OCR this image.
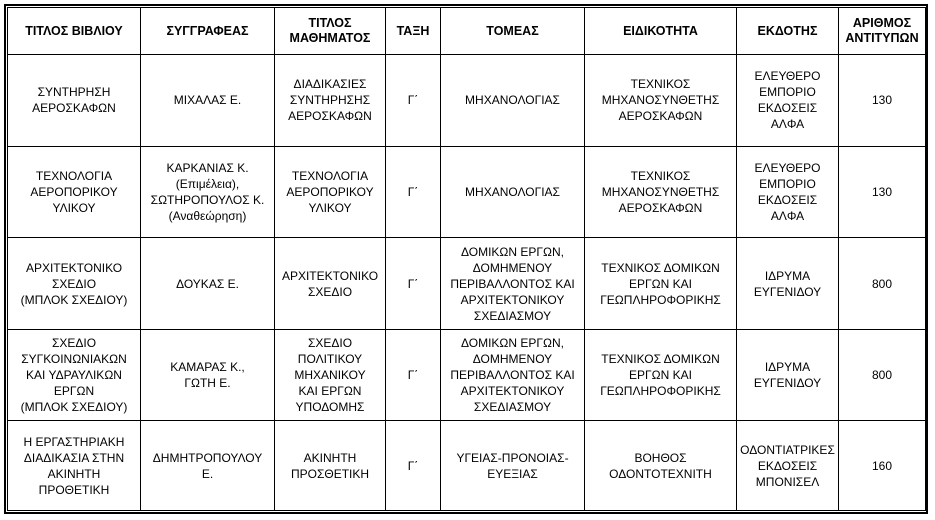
ΤΙΤΛΟΣ ΒΙΒΛΙΟΥ	ΣΥΓΓΡΑΦΕΑΣ	ΤΙΤΛΟΣ
ΜΑΘΗΜΑΤΟΣ	ΤΑΞΗ	ΤΟΜΕΑΣ	ΕΙΔΙΚΟΤΗΤΑ	ΕΚΔΟΤΗΣ	ΑΡΙΘΜΟΣ
ΑΝΤΙΤΥΠΩΝ
ΣΥΝΤΗΡΗΣΗ
ΑΕΡΟΣΚΑΦΩΝ	ΜΙΧΑΛΑΣ Ε.	ΔΙΑΔΙΚΑΣΙΕΣ
ΣΥΝΤΗΡΗΣΗΣ
ΑΕΡΟΣΚΑΦΩΝ	Γ΄	ΜΗΧΑΝΟΛΟΓΙΑΣ	ΤΕΧΝΙΚΟΣ
ΜΗΧΑΝΟΣΥΝΘΕΤΗΣ
ΑΕΡΟΣΚΑΦΩΝ	ΕΛΕΥΘΕΡΟ
ΕΜΠΟΡΙΟ
ΕΚΔΟΣΕΙΣ ΑΛΦΑ	130
ΤΕΧΝΟΛΟΓΙΑ
ΑΕΡΟΠΟΡΙΚΟΥ
ΥΛΙΚΟΥ	ΚΑΡΚΑΝΙΑΣ Κ.
(Επιμέλεια),
ΣΩΤΗΡΟΠΟΥΛΟΣ Κ.
(Αναθεώρηση)	ΤΕΧΝΟΛΟΓΙΑ
ΑΕΡΟΠΟΡΙΚΟΥ
ΥΛΙΚΟΥ	Γ΄	ΜΗΧΑΝΟΛΟΓΙΑΣ	ΤΕΧΝΙΚΟΣ
ΜΗΧΑΝΟΣΥΝΘΕΤΗΣ
ΑΕΡΟΣΚΑΦΩΝ	ΕΛΕΥΘΕΡΟ
ΕΜΠΟΡΙΟ
ΕΚΔΟΣΕΙΣ ΑΛΦΑ	130
ΑΡΧΙΤΕΚΤΟΝΙΚΟ
ΣΧΕΔΙΟ
(ΜΠΛΟΚ ΣΧΕΔΙΟΥ)	ΔΟΥΚΑΣ Ε.	ΑΡΧΙΤΕΚΤΟΝΙΚΟ
ΣΧΕΔΙΟ	Γ΄	ΔΟΜΙΚΩΝ ΕΡΓΩΝ,
ΔΟΜΗΜΕΝΟΥ
ΠΕΡΙΒΑΛΛΟΝΤΟΣ ΚΑΙ
ΑΡΧΙΤΕΚΤΟΝΙΚΟΥ
ΣΧΕΔΙΑΣΜΟΥ	ΤΕΧΝΙΚΟΣ ΔΟΜΙΚΩΝ
ΕΡΓΩΝ ΚΑΙ
ΓΕΩΠΛΗΡΟΦΟΡΙΚΗΣ	ΙΔΡΥΜΑ
ΕΥΓΕΝΙΔΟΥ	800
ΣΧΕΔΙΟ
ΣΥΓΚΟΙΝΩΝΙΑΚΩΝ
ΚΑΙ ΥΔΡΑΥΛΙΚΩΝ
ΕΡΓΩΝ
(ΜΠΛΟΚ ΣΧΕΔΙΟΥ)	ΚΑΜΑΡΑΣ Κ.,
ΓΩΤΗ Ε.	ΣΧΕΔΙΟ
ΠΟΛΙΤΙΚΟΥ
ΜΗΧΑΝΙΚΟΥ
ΚΑΙ ΕΡΓΩΝ
ΥΠΟΔΟΜΗΣ	Γ΄	ΔΟΜΙΚΩΝ ΕΡΓΩΝ,
ΔΟΜΗΜΕΝΟΥ
ΠΕΡΙΒΑΛΛΟΝΤΟΣ ΚΑΙ
ΑΡΧΙΤΕΚΤΟΝΙΚΟΥ
ΣΧΕΔΙΑΣΜΟΥ	ΤΕΧΝΙΚΟΣ ΔΟΜΙΚΩΝ
ΕΡΓΩΝ ΚΑΙ
ΓΕΩΠΛΗΡΟΦΟΡΙΚΗΣ	ΙΔΡΥΜΑ
ΕΥΓΕΝΙΔΟΥ	800
Η ΕΡΓΑΣΤΗΡΙΑΚΗ
ΔΙΑΔΙΚΑΣΙΑ ΣΤΗΝ
ΑΚΙΝΗΤΗ
ΠΡΟΘΕΤΙΚΗ	ΔΗΜΗΤΡΟΠΟΥΛΟΥ
Ε.	ΑΚΙΝΗΤΗ
ΠΡΟΣΘΕΤΙΚΗ	Γ΄	ΥΓΕΙΑΣ-ΠΡΟΝΟΙΑΣ-
ΕΥΕΞΙΑΣ	ΒΟΗΘΟΣ
ΟΔΟΝΤΟΤΕΧΝΙΤΗ	ΟΔΟΝΤΙΑΤΡΙΚΕΣ
ΕΚΔΟΣΕΙΣ
ΜΠΟΝΙΣΕΛ	160
